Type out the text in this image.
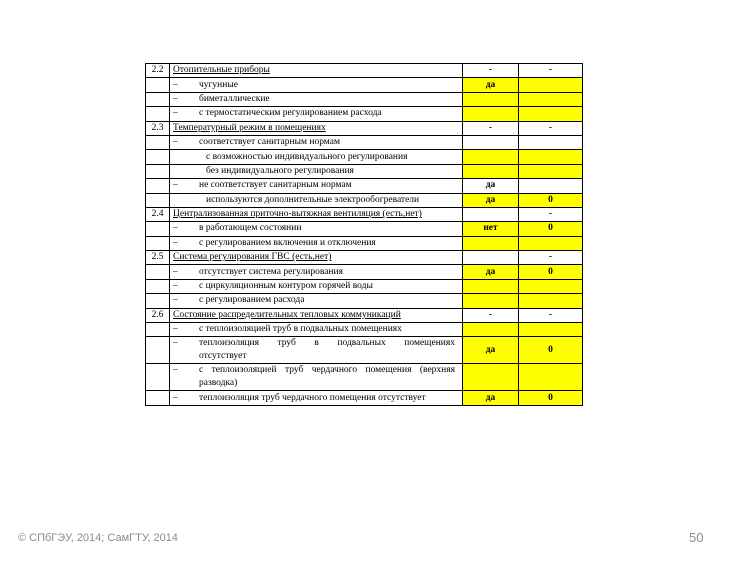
2.2	Отопительные приборы	-	-
	– чугунные	да	
	– биметаллические		
	– с термостатическим регулированием расхода		
2.3	Температурный режим в помещениях	-	-
	– соответствует санитарным нормам		
	с возможностью индивидуального регулирования		
	без индивидуального регулирования		
	– не соответствует санитарным нормам	да	
	используются дополнительные электрообогреватели	да	0
2.4	Централизованная приточно-вытяжная вентиляция (есть,нет)		-
	– в работающем состоянии	нет	0
	– с регулированием включения и отключения		
2.5	Система регулирования ГВС (есть,нет)		-
	– отсутствует система регулирования	да	0
	– с циркуляционным контуром горячей воды		
	– с регулированием расхода		
2.6	Состояние распределительных тепловых коммуникаций	-	-
	– с теплоизоляцией труб в подвальных помещениях		
	– теплоизоляция труб в подвальных помещениях
отсутствует	да	0
	– с теплоизоляцией труб чердачного помещения (верхняя
разводка)		
	– теплоизоляция труб чердачного помещения отсутствует	да	0
© СПбГЭУ, 2014; СамГТУ, 2014	50
